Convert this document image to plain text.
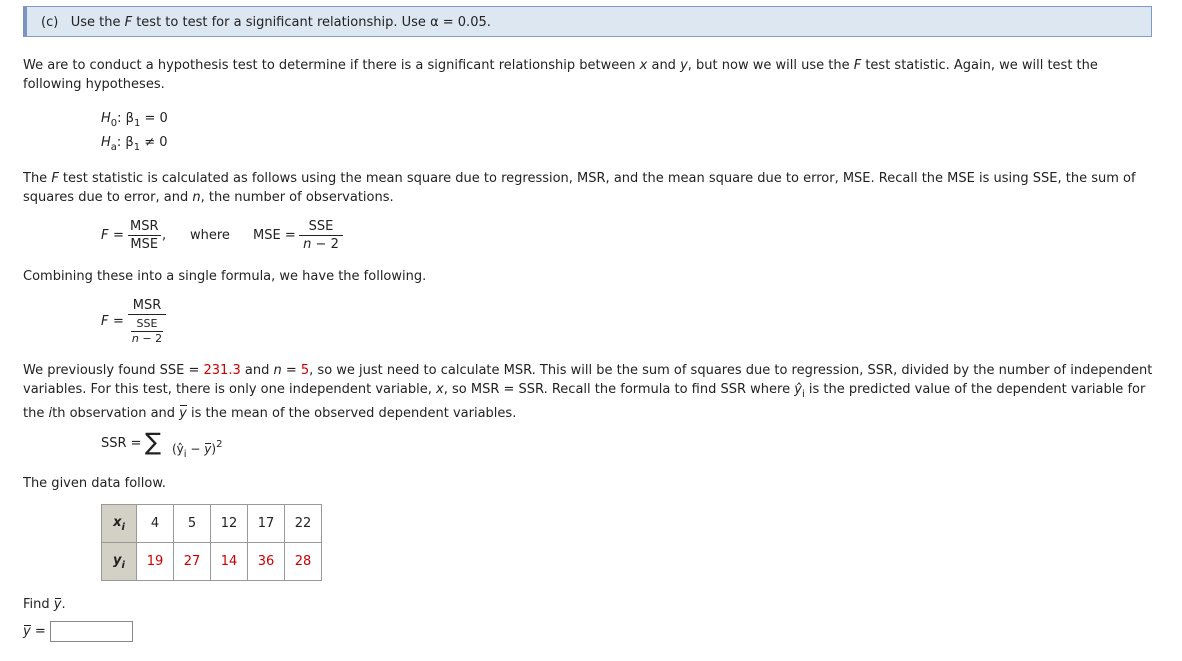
(c) Use the F test to test for a significant relationship. Use α = 0.05.
We are to conduct a hypothesis test to determine if there is a significant relationship between x and y, but now we will use the F test statistic. Again, we will test the following hypotheses.
$H_0$: $\beta_1 = 0$
$H_a$: $\beta_1 \ne 0$
The F test statistic is calculated as follows using the mean square due to regression, MSR, and the mean square due to error, MSE. Recall the MSE is using SSE, the sum of squares due to error, and n, the number of observations.
F =
MSR
MSE
, where MSE =
SSE
n − 2
Combining these into a single formula, we have the following.
F =
MSR
SSE
n − 2
We previously found SSE = 231.3 and n = 5, so we just need to calculate MSR. This will be the sum of squares due to regression, SSR, divided by the number of independent variables. For this test, there is only one independent variable, x, so MSR = SSR. Recall the formula to find SSR where $ŷ_i$ is the predicted value of the dependent variable for the ith observation and y is the mean of the observed dependent variables.
SSR = ∑ $(ŷ_i - y)^2$
The given data follow.
$x_i$	4	5	12	17	22
$y_i$	19	27	14	36	28
Find y.
y =
